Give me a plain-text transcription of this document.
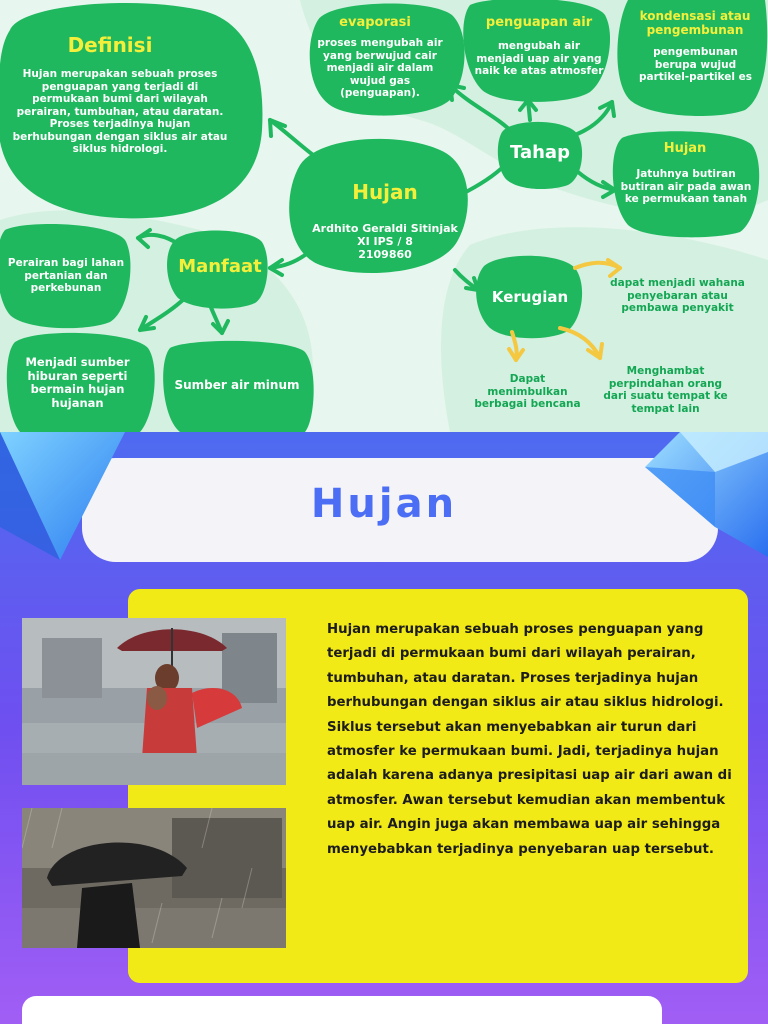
Definisi

Hujan merupakan sebuah proses penguapan yang terjadi di permukaan bumi dari wilayah perairan, tumbuhan, atau daratan. Proses terjadinya hujan berhubungan dengan siklus air atau siklus hidrologi.

Hujan

Ardhito Geraldi Sitinjak
XI IPS / 8
2109860

Tahap

evaporasi

proses mengubah air yang berwujud cair menjadi air dalam wujud gas (penguapan).

penguapan air

mengubah air menjadi uap air yang naik ke atas atmosfer

kondensasi atau pengembunan

pengembunan berupa wujud partikel-partikel es

Hujan

Jatuhnya butiran butiran air pada awan ke permukaan tanah

Manfaat

Perairan bagi lahan pertanian dan perkebunan

Menjadi sumber hiburan seperti bermain hujan hujanan

Sumber air minum

Kerugian

dapat menjadi wahana penyebaran atau pembawa penyakit

Dapat menimbulkan berbagai bencana

Menghambat perpindahan orang dari suatu tempat ke tempat lain

Hujan

Hujan merupakan sebuah proses penguapan yang terjadi di permukaan bumi dari wilayah perairan, tumbuhan, atau daratan. Proses terjadinya hujan berhubungan dengan siklus air atau siklus hidrologi. Siklus tersebut akan menyebabkan air turun dari atmosfer ke permukaan bumi. Jadi, terjadinya hujan adalah karena adanya presipitasi uap air dari awan di atmosfer. Awan tersebut kemudian akan membentuk uap air. Angin juga akan membawa uap air sehingga menyebabkan terjadinya penyebaran uap tersebut.
